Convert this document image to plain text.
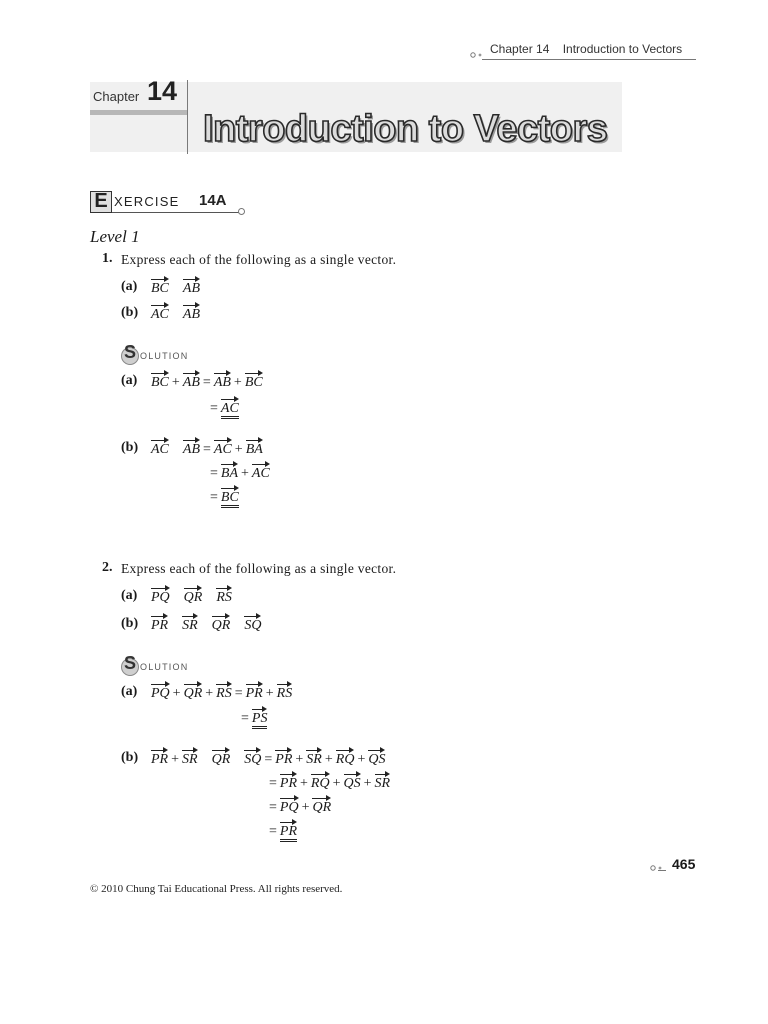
Chapter 14 Introduction to Vectors
Chapter 14
Introduction to Vectors
E XERCISE 14A
Level 1
1. Express each of the following as a single vector.
(a) BC AB
(b) AC AB
S OLUTION
(a) BC + AB = AB + BC
= AC
(b) AC AB = AC + BA
= BA + AC
= BC
2. Express each of the following as a single vector.
(a) PQ QR RS
(b) PR SR QR SQ
S OLUTION
(a) PQ + QR + RS = PR + RS
= PS
(b) PR + SR QR SQ = PR + SR + RQ + QS
= PR + RQ + QS + SR
= PQ + QR
= PR
465
© 2010 Chung Tai Educational Press. All rights reserved.
